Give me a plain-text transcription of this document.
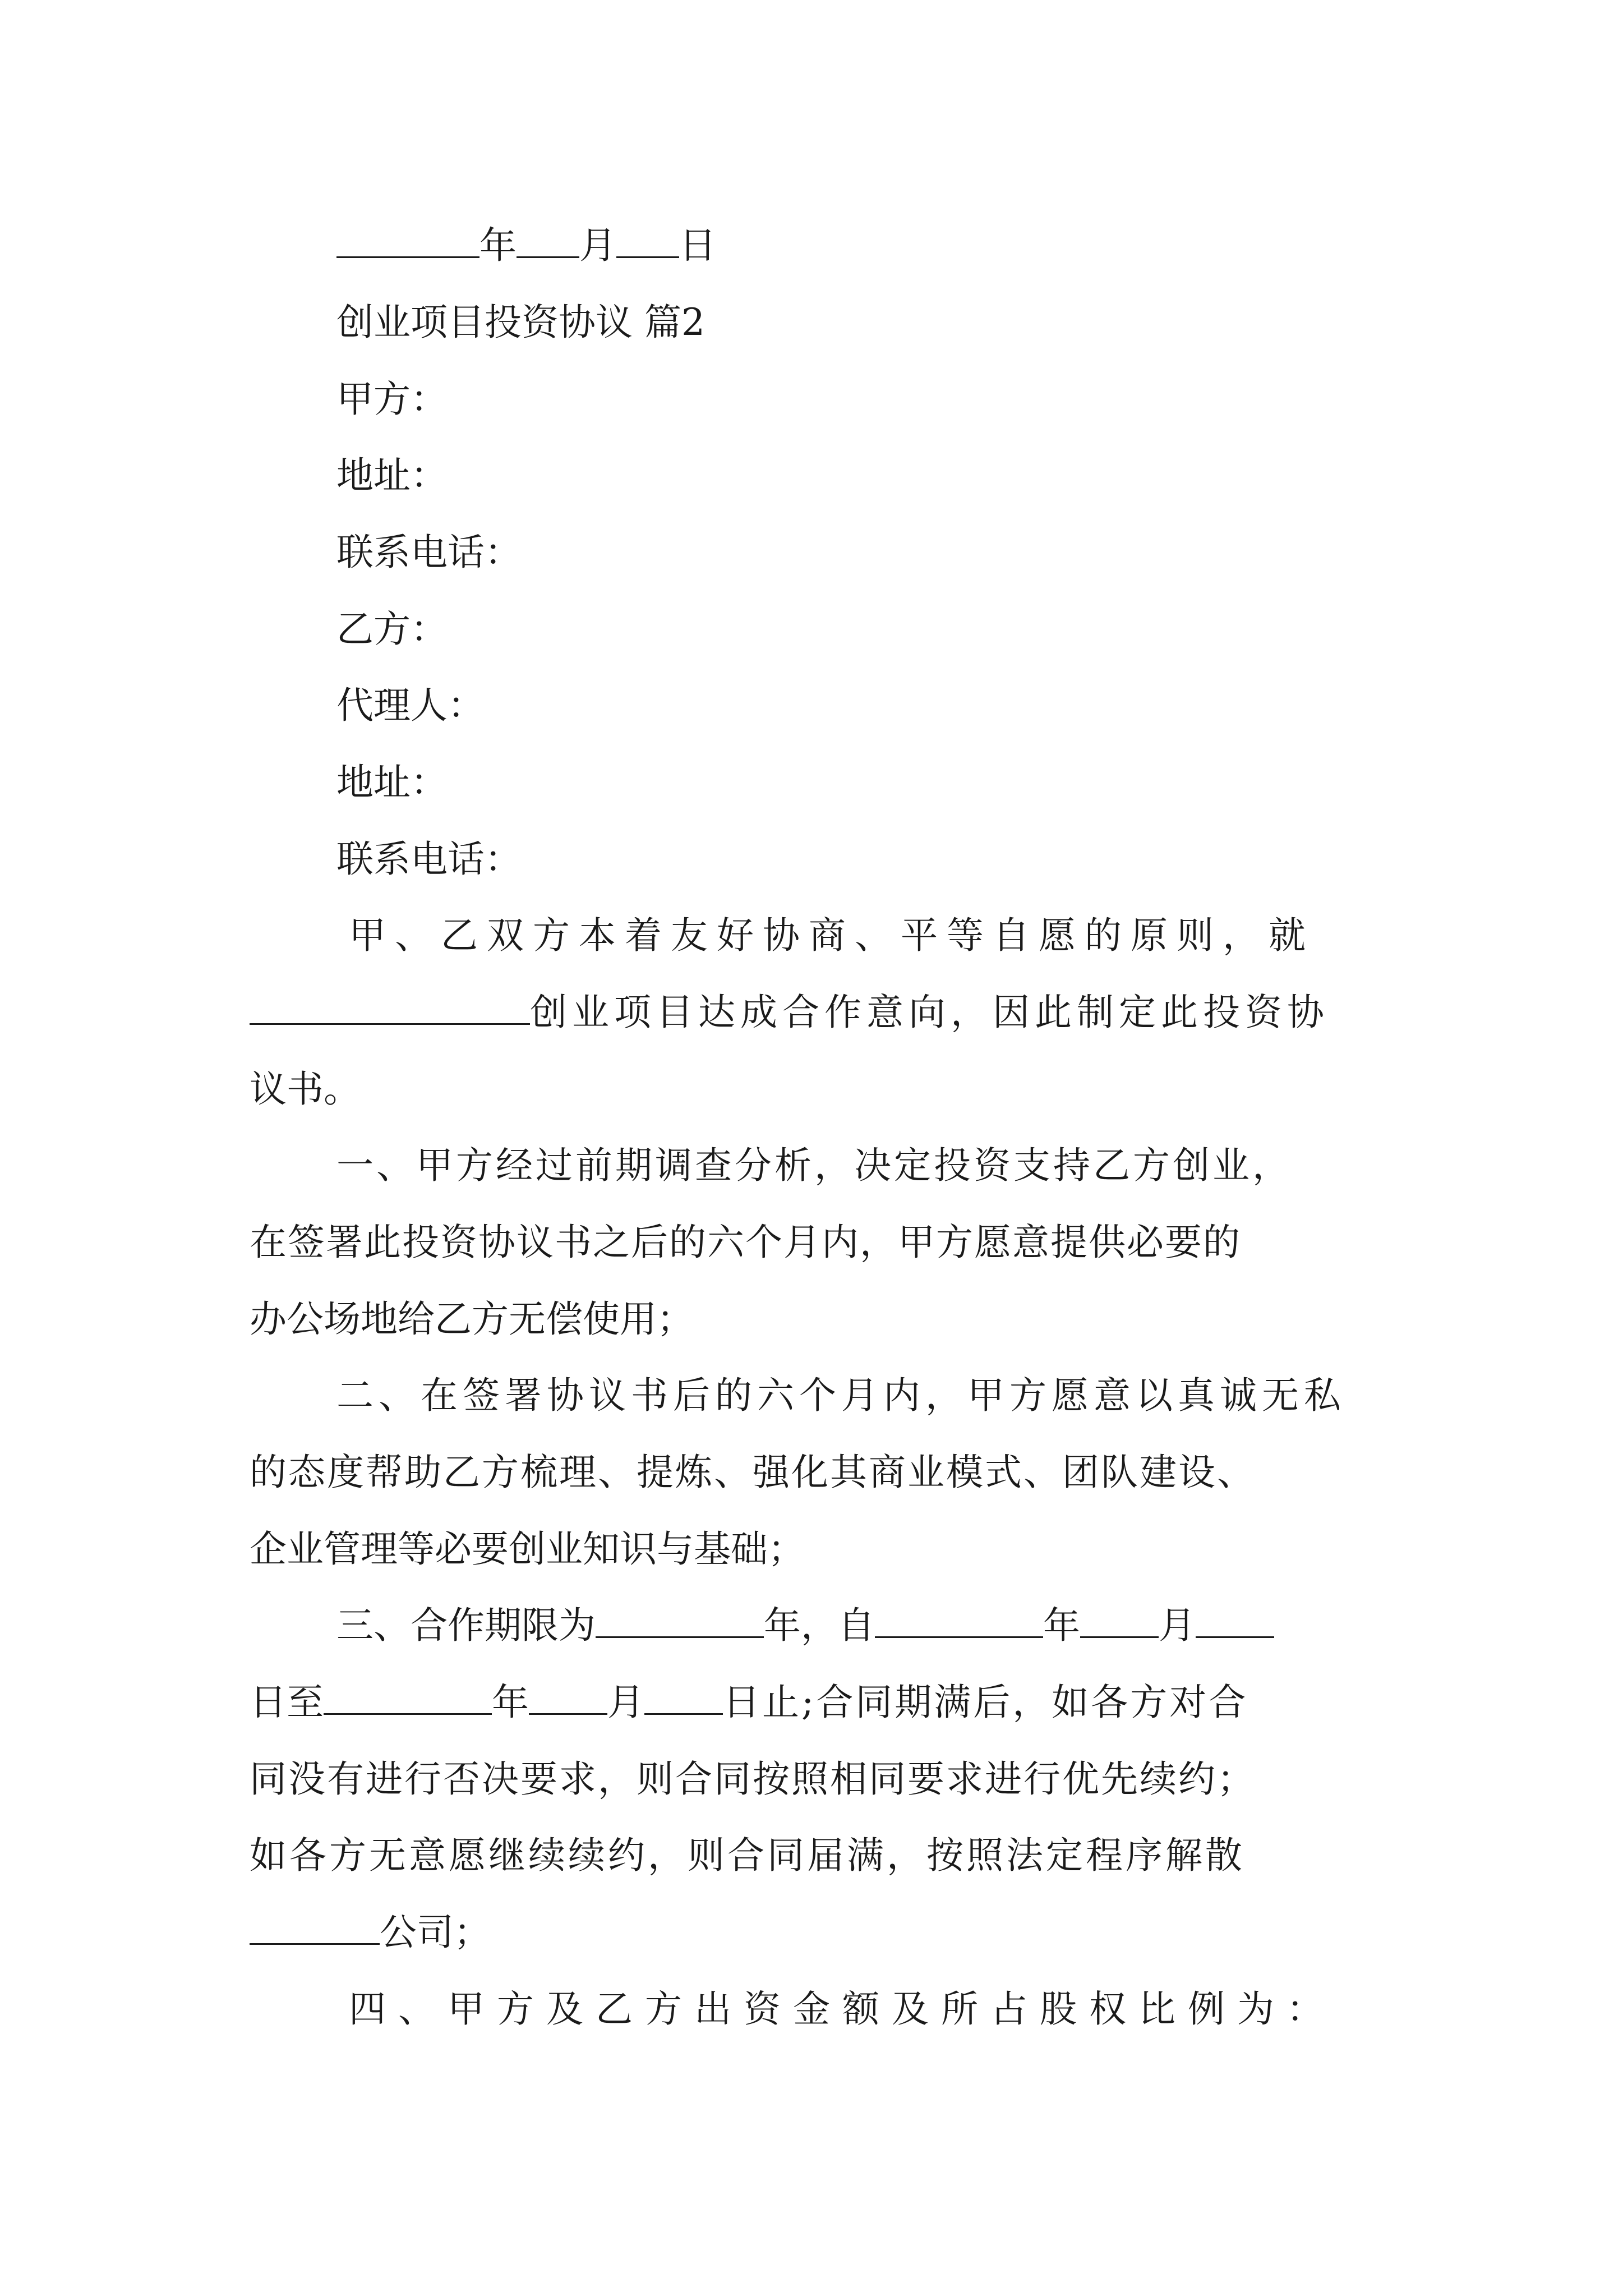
年 月 日
创业项目投资协议 篇2
甲方：
地址：
联系电话：
乙方：
代理人：
地址：
联系电话：
甲、乙双方本着友好协商、平等自愿的原则，就
创业项目达成合作意向，因此制定此投资协
议书。
一、甲方经过前期调查分析，决定投资支持乙方创业，
在签署此投资协议书之后的六个月内，甲方愿意提供必要的
办公场地给乙方无偿使用；
二、在签署协议书后的六个月内，甲方愿意以真诚无私
的态度帮助乙方梳理、提炼、强化其商业模式、团队建设、
企业管理等必要创业知识与基础；
三、合作期限为	年，自	年 月
日至	年 月 日止;合同期满后，如各方对合
同没有进行否决要求，则合同按照相同要求进行优先续约；
如各方无意愿继续续约，则合同届满，按照法定程序解散
公司；
四、甲方及乙方出资金额及所占股权比例为：
